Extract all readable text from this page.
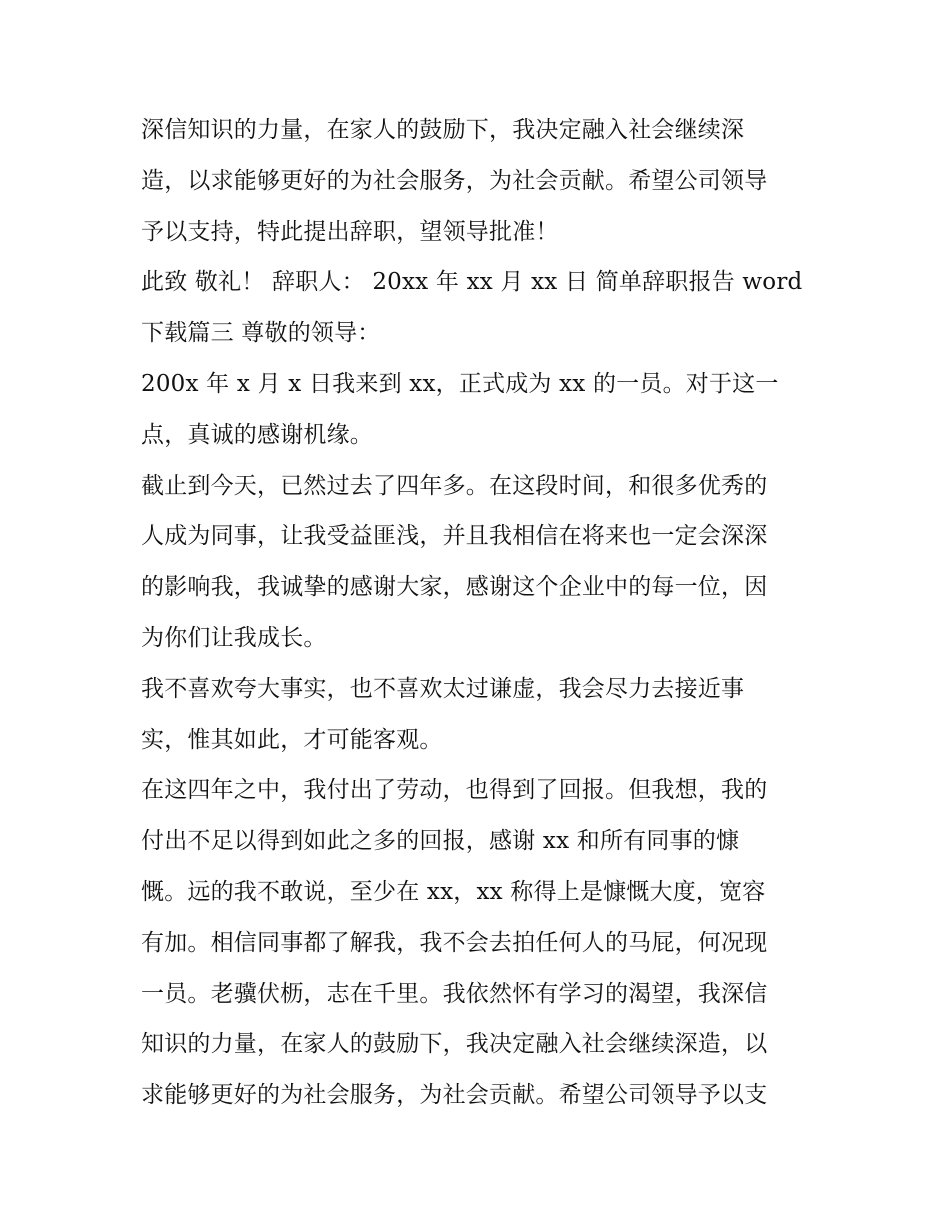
深信知识的力量，在家人的鼓励下，我决定融入社会继续深
造，以求能够更好的为社会服务，为社会贡献。希望公司领导
予以支持，特此提出辞职，望领导批准！
此致 敬礼！ 辞职人： 20xx 年 xx 月 xx 日 简单辞职报告 word
下载篇三 尊敬的领导：
200x 年 x 月 x 日我来到 xx，正式成为 xx 的一员。对于这一
点，真诚的感谢机缘。
截止到今天，已然过去了四年多。在这段时间，和很多优秀的
人成为同事，让我受益匪浅，并且我相信在将来也一定会深深
的影响我，我诚挚的感谢大家，感谢这个企业中的每一位，因
为你们让我成长。
我不喜欢夸大事实，也不喜欢太过谦虚，我会尽力去接近事
实，惟其如此，才可能客观。
在这四年之中，我付出了劳动，也得到了回报。但我想，我的
付出不足以得到如此之多的回报，感谢 xx 和所有同事的慷
慨。远的我不敢说，至少在 xx，xx 称得上是慷慨大度，宽容
有加。相信同事都了解我，我不会去拍任何人的马屁，何况现
一员。老骥伏枥，志在千里。我依然怀有学习的渴望，我深信
知识的力量，在家人的鼓励下，我决定融入社会继续深造，以
求能够更好的为社会服务，为社会贡献。希望公司领导予以支
